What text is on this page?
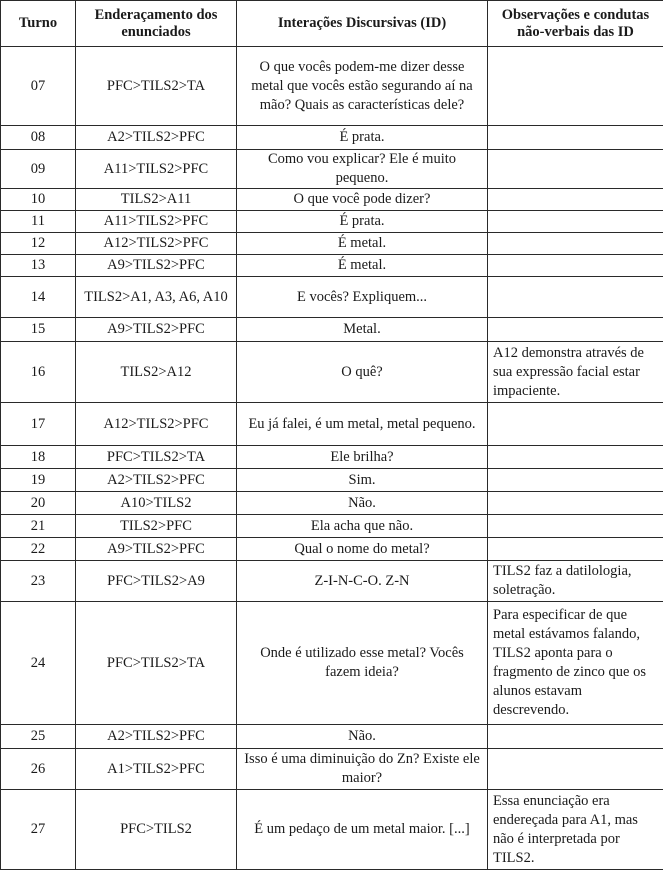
Turno	Enderaçamento dos enunciados	Interações Discursivas (ID)	Observações e condutas não-verbais das ID
07	PFC>TILS2>TA	O que vocês podem-me dizer desse metal que vocês estão segurando aí na mão? Quais as características dele?	
08	A2>TILS2>PFC	É prata.	
09	A11>TILS2>PFC	Como vou explicar? Ele é muito pequeno.	
10	TILS2>A11	O que você pode dizer?	
11	A11>TILS2>PFC	É prata.	
12	A12>TILS2>PFC	É metal.	
13	A9>TILS2>PFC	É metal.	
14	TILS2>A1, A3, A6, A10	E vocês? Expliquem...	
15	A9>TILS2>PFC	Metal.	
16	TILS2>A12	O quê?	A12 demonstra através de sua expressão facial estar impaciente.
17	A12>TILS2>PFC	Eu já falei, é um metal, metal pequeno.	
18	PFC>TILS2>TA	Ele brilha?	
19	A2>TILS2>PFC	Sim.	
20	A10>TILS2	Não.	
21	TILS2>PFC	Ela acha que não.	
22	A9>TILS2>PFC	Qual o nome do metal?	
23	PFC>TILS2>A9	Z-I-N-C-O. Z-N	TILS2 faz a datilologia, soletração.
24	PFC>TILS2>TA	Onde é utilizado esse metal? Vocês fazem ideia?	Para especificar de que metal estávamos falando, TILS2 aponta para o fragmento de zinco que os alunos estavam descrevendo.
25	A2>TILS2>PFC	Não.	
26	A1>TILS2>PFC	Isso é uma diminuição do Zn? Existe ele maior?	
27	PFC>TILS2	É um pedaço de um metal maior. [...]	Essa enunciação era endereçada para A1, mas não é interpretada por TILS2.
